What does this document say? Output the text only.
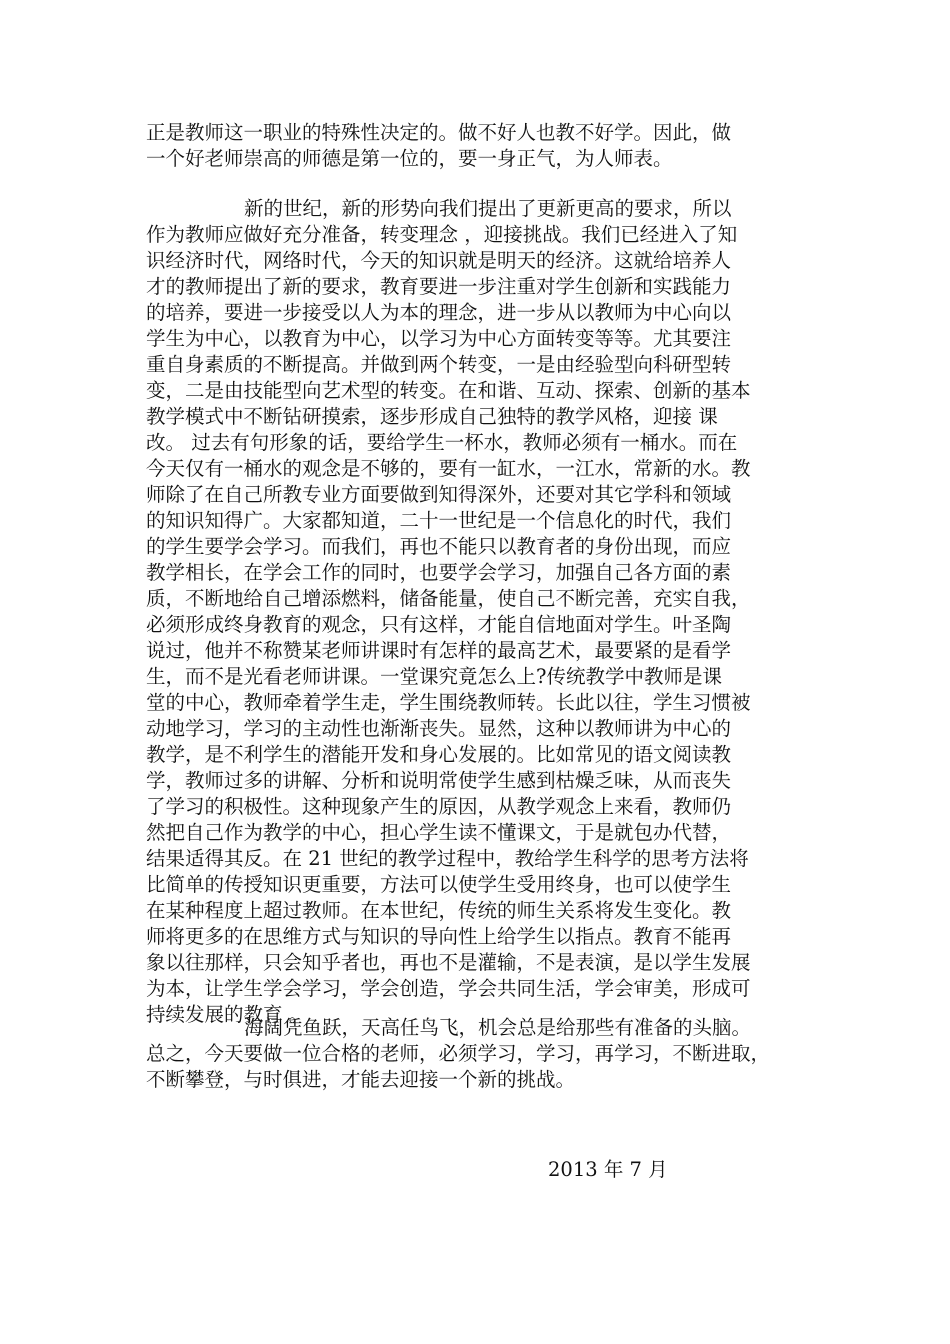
正是教师这一职业的特殊性决定的。做不好人也教不好学。因此，做
一个好老师崇高的师德是第一位的，要一身正气，为人师表。
新的世纪，新的形势向我们提出了更新更高的要求，所以
作为教师应做好充分准备，转变理念 ，迎接挑战。我们已经进入了知
识经济时代，网络时代，今天的知识就是明天的经济。这就给培养人
才的教师提出了新的要求，教育要进一步注重对学生创新和实践能力
的培养，要进一步接受以人为本的理念，进一步从以教师为中心向以
学生为中心，以教育为中心，以学习为中心方面转变等等。尤其要注
重自身素质的不断提高。并做到两个转变，一是由经验型向科研型转
变，二是由技能型向艺术型的转变。在和谐、互动、探索、创新的基本
教学模式中不断钻研摸索，逐步形成自己独特的教学风格，迎接 课
改。 过去有句形象的话，要给学生一杯水，教师必须有一桶水。而在
今天仅有一桶水的观念是不够的，要有一缸水，一江水，常新的水。教
师除了在自己所教专业方面要做到知得深外，还要对其它学科和领域
的知识知得广。大家都知道，二十一世纪是一个信息化的时代，我们
的学生要学会学习。而我们，再也不能只以教育者的身份出现，而应
教学相长，在学会工作的同时，也要学会学习，加强自己各方面的素
质，不断地给自己增添燃料，储备能量，使自己不断完善，充实自我，
必须形成终身教育的观念，只有这样，才能自信地面对学生。叶圣陶
说过，他并不称赞某老师讲课时有怎样的最高艺术，最要紧的是看学
生，而不是光看老师讲课。一堂课究竟怎么上?传统教学中教师是课
堂的中心，教师牵着学生走，学生围绕教师转。长此以往，学生习惯被
动地学习，学习的主动性也渐渐丧失。显然，这种以教师讲为中心的
教学，是不利学生的潜能开发和身心发展的。比如常见的语文阅读教
学，教师过多的讲解、分析和说明常使学生感到枯燥乏味，从而丧失
了学习的积极性。这种现象产生的原因，从教学观念上来看，教师仍
然把自己作为教学的中心，担心学生读不懂课文，于是就包办代替，
结果适得其反。在 21 世纪的教学过程中，教给学生科学的思考方法将
比简单的传授知识更重要，方法可以使学生受用终身，也可以使学生
在某种程度上超过教师。在本世纪，传统的师生关系将发生变化。教
师将更多的在思维方式与知识的导向性上给学生以指点。教育不能再
象以往那样，只会知乎者也，再也不是灌输，不是表演，是以学生发展
为本，让学生学会学习，学会创造，学会共同生活，学会审美，形成可
持续发展的教育 。
海阔凭鱼跃，天高任鸟飞，机会总是给那些有准备的头脑。
总之，今天要做一位合格的老师，必须学习，学习，再学习，不断进取，
不断攀登，与时俱进，才能去迎接一个新的挑战。
2013 年 7 月
